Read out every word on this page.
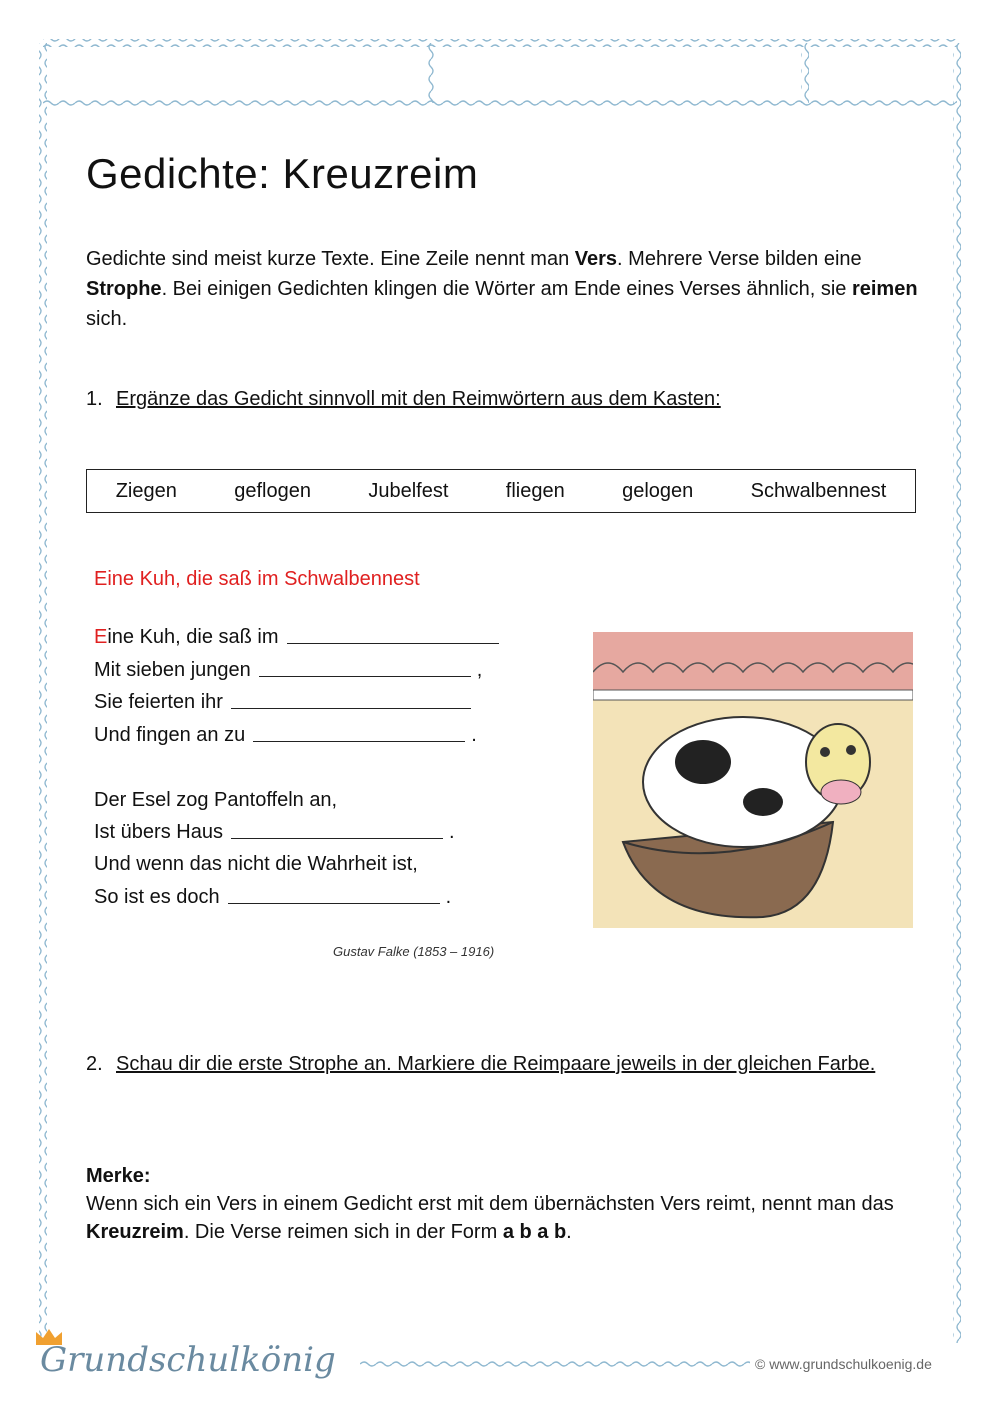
Gedichte: Kreuzreim
Gedichte sind meist kurze Texte. Eine Zeile nennt man Vers. Mehrere Verse bilden eine Strophe. Bei einigen Gedichten klingen die Wörter am Ende eines Verses ähnlich, sie reimen sich.
1. Ergänze das Gedicht sinnvoll mit den Reimwörtern aus dem Kasten:
Ziegen	geflogen	Jubelfest	fliegen	gelogen	Schwalbennest
Eine Kuh, die saß im Schwalbennest
E ine Kuh, die saß im
Mit sieben jungen	,
Sie feierten ihr
Und fingen an zu	.
Der Esel zog Pantoffeln an,
Ist übers Haus	.
Und wenn das nicht die Wahrheit ist,
So ist es doch	.
Gustav Falke (1853 – 1916)
2. Schau dir die erste Strophe an. Markiere die Reimpaare jeweils in der gleichen Farbe.
Merke:
Wenn sich ein Vers in einem Gedicht erst mit dem übernächsten Vers reimt, nennt man das Kreuzreim. Die Verse reimen sich in der Form a b a b.
Grundschulkönig	© www.grundschulkoenig.de
